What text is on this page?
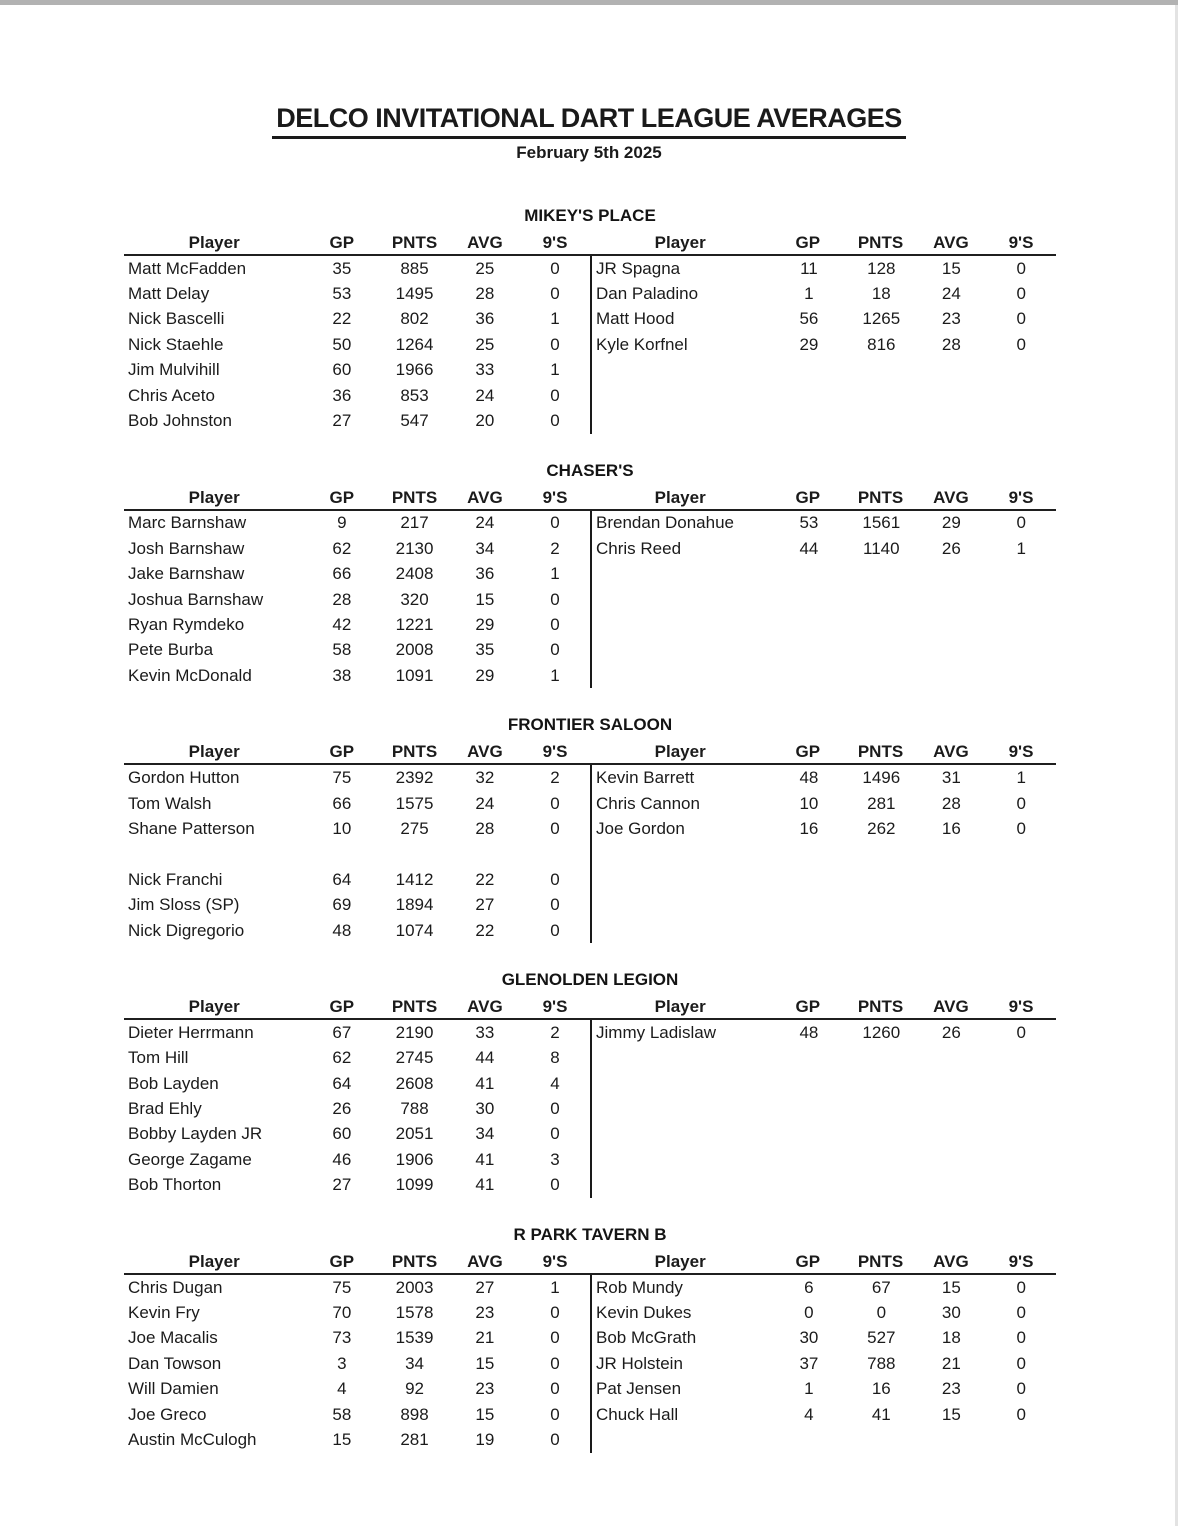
DELCO INVITATIONAL DART LEAGUE AVERAGES
February 5th 2025
MIKEY'S PLACE
Player	GP	PNTS	AVG	9'S
Matt McFadden	35	885	25	0
Matt Delay	53	1495	28	0
Nick Bascelli	22	802	36	1
Nick Staehle	50	1264	25	0
Jim Mulvihill	60	1966	33	1
Chris Aceto	36	853	24	0
Bob Johnston	27	547	20	0
Player	GP	PNTS	AVG	9'S
JR Spagna	11	128	15	0
Dan Paladino	1	18	24	0
Matt Hood	56	1265	23	0
Kyle Korfnel	29	816	28	0
CHASER'S
Player	GP	PNTS	AVG	9'S
Marc Barnshaw	9	217	24	0
Josh Barnshaw	62	2130	34	2
Jake Barnshaw	66	2408	36	1
Joshua Barnshaw	28	320	15	0
Ryan Rymdeko	42	1221	29	0
Pete Burba	58	2008	35	0
Kevin McDonald	38	1091	29	1
Player	GP	PNTS	AVG	9'S
Brendan Donahue	53	1561	29	0
Chris Reed	44	1140	26	1
FRONTIER SALOON
Player	GP	PNTS	AVG	9'S
Gordon Hutton	75	2392	32	2
Tom Walsh	66	1575	24	0
Shane Patterson	10	275	28	0
Nick Franchi	64	1412	22	0
Jim Sloss (SP)	69	1894	27	0
Nick Digregorio	48	1074	22	0
Player	GP	PNTS	AVG	9'S
Kevin Barrett	48	1496	31	1
Chris Cannon	10	281	28	0
Joe Gordon	16	262	16	0
GLENOLDEN LEGION
Player	GP	PNTS	AVG	9'S
Dieter Herrmann	67	2190	33	2
Tom Hill	62	2745	44	8
Bob Layden	64	2608	41	4
Brad Ehly	26	788	30	0
Bobby Layden JR	60	2051	34	0
George Zagame	46	1906	41	3
Bob Thorton	27	1099	41	0
Player	GP	PNTS	AVG	9'S
Jimmy Ladislaw	48	1260	26	0
R PARK TAVERN B
Player	GP	PNTS	AVG	9'S
Chris Dugan	75	2003	27	1
Kevin Fry	70	1578	23	0
Joe Macalis	73	1539	21	0
Dan Towson	3	34	15	0
Will Damien	4	92	23	0
Joe Greco	58	898	15	0
Austin McCulogh	15	281	19	0
Player	GP	PNTS	AVG	9'S
Rob Mundy	6	67	15	0
Kevin Dukes	0	0	30	0
Bob McGrath	30	527	18	0
JR Holstein	37	788	21	0
Pat Jensen	1	16	23	0
Chuck Hall	4	41	15	0
